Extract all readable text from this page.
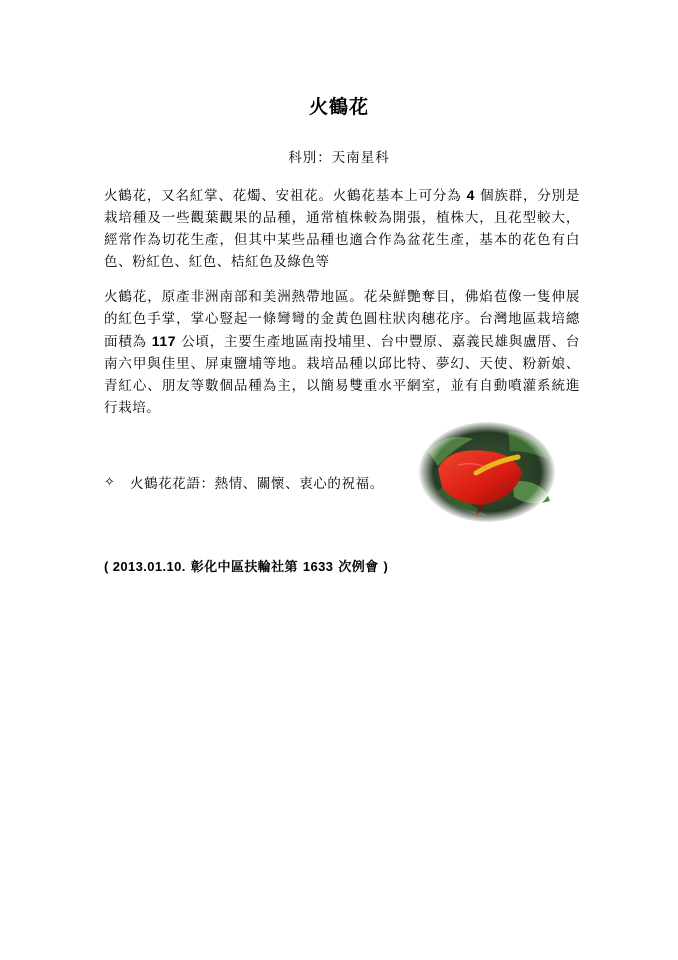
火鶴花
科別：天南星科
火鶴花，又名紅掌、花燭、安祖花。火鶴花基本上可分為 4 個族群，分別是栽培種及一些觀葉觀果的品種，通常植株較為開張，植株大，且花型較大，經常作為切花生產，但其中某些品種也適合作為盆花生產，基本的花色有白色、粉紅色、紅色、桔紅色及綠色等
火鶴花，原產非洲南部和美洲熱帶地區。花朵鮮艷奪目，佛焰苞像一隻伸展的紅色手掌，掌心豎起一條彎彎的金黃色圓柱狀肉穗花序。台灣地區栽培總面積為 117 公頃，主要生產地區南投埔里、台中豐原、嘉義民雄與盧厝、台南六甲與佳里、屏東鹽埔等地。栽培品種以邱比特、夢幻、天使、粉新娘、青紅心、朋友等數個品種為主，以簡易雙重水平網室，並有自動噴灌系統進行栽培。
✧	火鶴花花語：熱情、關懷、衷心的祝福。
( 2013.01.10. 彰化中區扶輪社第 1633 次例會 )
